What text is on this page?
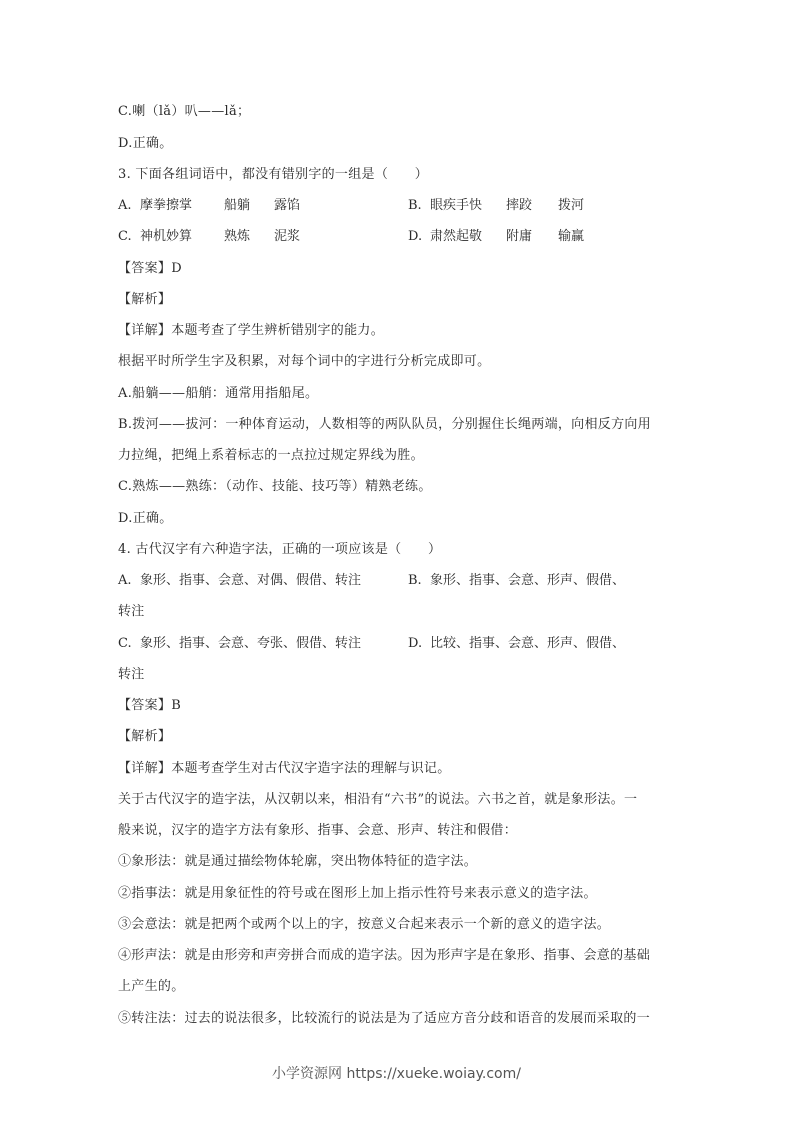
C.喇（lǎ）叭——lǎ；
D.正确。
3. 下面各组词语中，都没有错别字的一组是（　　）
A. 摩拳擦掌 船躺 露馅	B. 眼疾手快 摔跤 拨河
C. 神机妙算 熟炼 泥浆	D. 肃然起敬 附庸 输赢
【答案】D
【解析】
【详解】本题考查了学生辨析错别字的能力。
根据平时所学生字及积累，对每个词中的字进行分析完成即可。
A.船躺——船艄：通常用指船尾。
B.拨河——拔河：一种体育运动，人数相等的两队队员，分别握住长绳两端，向相反方向用
力拉绳，把绳上系着标志的一点拉过规定界线为胜。
C.熟炼——熟练：（动作、技能、技巧等）精熟老练。
D.正确。
4. 古代汉字有六种造字法，正确的一项应该是（　　）
A. 象形、指事、会意、对偶、假借、转注	B. 象形、指事、会意、形声、假借、
转注
C. 象形、指事、会意、夸张、假借、转注	D. 比较、指事、会意、形声、假借、
转注
【答案】B
【解析】
【详解】本题考查学生对古代汉字造字法的理解与识记。
关于古代汉字的造字法，从汉朝以来，相沿有“六书”的说法。六书之首，就是象形法。一
般来说，汉字的造字方法有象形、指事、会意、形声、转注和假借：
①象形法：就是通过描绘物体轮廓，突出物体特征的造字法。
②指事法：就是用象征性的符号或在图形上加上指示性符号来表示意义的造字法。
③会意法：就是把两个或两个以上的字，按意义合起来表示一个新的意义的造字法。
④形声法：就是由形旁和声旁拼合而成的造字法。因为形声字是在象形、指事、会意的基础
上产生的。
⑤转注法：过去的说法很多，比较流行的说法是为了适应方音分歧和语音的发展而采取的一
小学资源网 https://xueke.woiay.com/
